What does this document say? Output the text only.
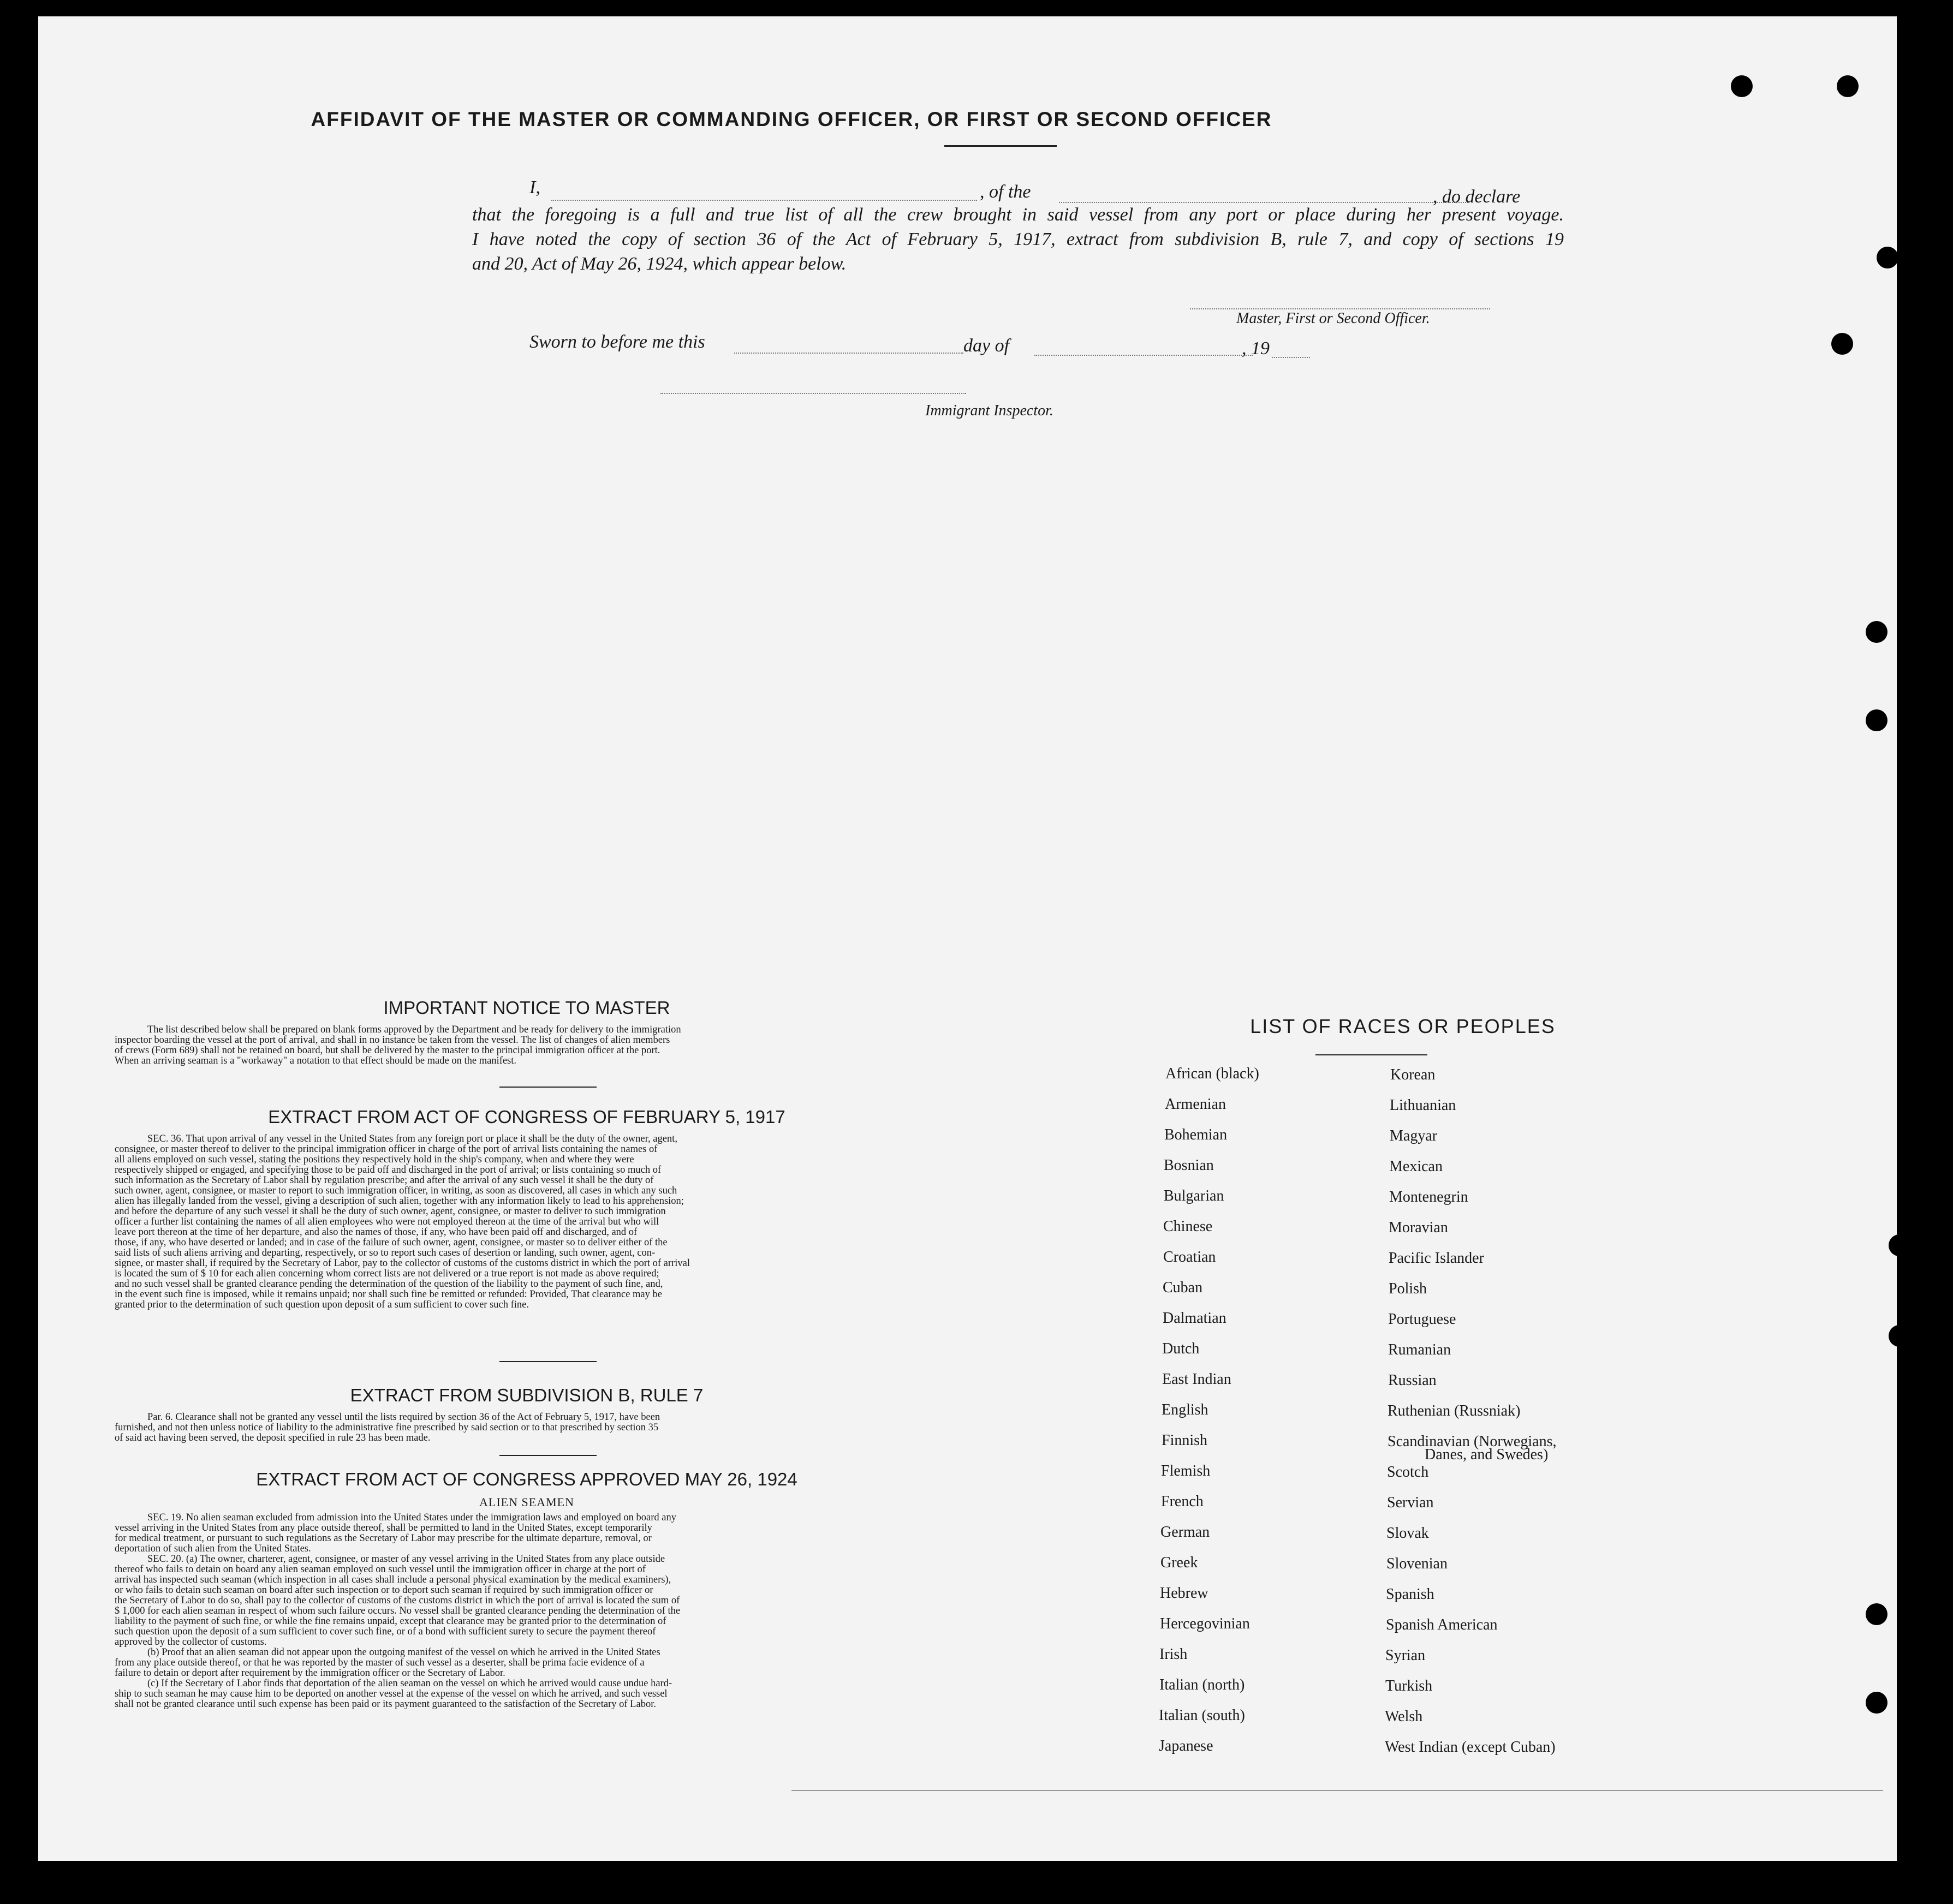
AFFIDAVIT OF THE MASTER OR COMMANDING OFFICER, OR FIRST OR SECOND OFFICER
I,	, of the	, do declare
that the foregoing is a full and true list of all the crew brought in said vessel from any port or place during her present voyage.
I have noted the copy of section 36 of the Act of February 5, 1917, extract from subdivision B, rule 7, and copy of sections 19
and 20, Act of May 26, 1924, which appear below.
Master, First or Second Officer.
Sworn to before me this	day of	, 19
Immigrant Inspector.
IMPORTANT NOTICE TO MASTER
The list described below shall be prepared on blank forms approved by the Department and be ready for delivery to the immigration
inspector boarding the vessel at the port of arrival, and shall in no instance be taken from the vessel. The list of changes of alien members
of crews (Form 689) shall not be retained on board, but shall be delivered by the master to the principal immigration officer at the port.
When an arriving seaman is a "workaway" a notation to that effect should be made on the manifest.
EXTRACT FROM ACT OF CONGRESS OF FEBRUARY 5, 1917
SEC. 36. That upon arrival of any vessel in the United States from any foreign port or place it shall be the duty of the owner, agent,
consignee, or master thereof to deliver to the principal immigration officer in charge of the port of arrival lists containing the names of
all aliens employed on such vessel, stating the positions they respectively hold in the ship's company, when and where they were
respectively shipped or engaged, and specifying those to be paid off and discharged in the port of arrival; or lists containing so much of
such information as the Secretary of Labor shall by regulation prescribe; and after the arrival of any such vessel it shall be the duty of
such owner, agent, consignee, or master to report to such immigration officer, in writing, as soon as discovered, all cases in which any such
alien has illegally landed from the vessel, giving a description of such alien, together with any information likely to lead to his apprehension;
and before the departure of any such vessel it shall be the duty of such owner, agent, consignee, or master to deliver to such immigration
officer a further list containing the names of all alien employees who were not employed thereon at the time of the arrival but who will
leave port thereon at the time of her departure, and also the names of those, if any, who have been paid off and discharged, and of
those, if any, who have deserted or landed; and in case of the failure of such owner, agent, consignee, or master so to deliver either of the
said lists of such aliens arriving and departing, respectively, or so to report such cases of desertion or landing, such owner, agent, con-
signee, or master shall, if required by the Secretary of Labor, pay to the collector of customs of the customs district in which the port of arrival
is located the sum of $ 10 for each alien concerning whom correct lists are not delivered or a true report is not made as above required;
and no such vessel shall be granted clearance pending the determination of the question of the liability to the payment of such fine, and,
in the event such fine is imposed, while it remains unpaid; nor shall such fine be remitted or refunded: Provided, That clearance may be
granted prior to the determination of such question upon deposit of a sum sufficient to cover such fine.
EXTRACT FROM SUBDIVISION B, RULE 7
Par. 6. Clearance shall not be granted any vessel until the lists required by section 36 of the Act of February 5, 1917, have been
furnished, and not then unless notice of liability to the administrative fine prescribed by said section or to that prescribed by section 35
of said act having been served, the deposit specified in rule 23 has been made.
EXTRACT FROM ACT OF CONGRESS APPROVED MAY 26, 1924
ALIEN SEAMEN
SEC. 19. No alien seaman excluded from admission into the United States under the immigration laws and employed on board any
vessel arriving in the United States from any place outside thereof, shall be permitted to land in the United States, except temporarily
for medical treatment, or pursuant to such regulations as the Secretary of Labor may prescribe for the ultimate departure, removal, or
deportation of such alien from the United States.
SEC. 20. (a) The owner, charterer, agent, consignee, or master of any vessel arriving in the United States from any place outside
thereof who fails to detain on board any alien seaman employed on such vessel until the immigration officer in charge at the port of
arrival has inspected such seaman (which inspection in all cases shall include a personal physical examination by the medical examiners),
or who fails to detain such seaman on board after such inspection or to deport such seaman if required by such immigration officer or
the Secretary of Labor to do so, shall pay to the collector of customs of the customs district in which the port of arrival is located the sum of
$ 1,000 for each alien seaman in respect of whom such failure occurs. No vessel shall be granted clearance pending the determination of the
liability to the payment of such fine, or while the fine remains unpaid, except that clearance may be granted prior to the determination of
such question upon the deposit of a sum sufficient to cover such fine, or of a bond with sufficient surety to secure the payment thereof
approved by the collector of customs.
(b) Proof that an alien seaman did not appear upon the outgoing manifest of the vessel on which he arrived in the United States
from any place outside thereof, or that he was reported by the master of such vessel as a deserter, shall be prima facie evidence of a
failure to detain or deport after requirement by the immigration officer or the Secretary of Labor.
(c) If the Secretary of Labor finds that deportation of the alien seaman on the vessel on which he arrived would cause undue hard-
ship to such seaman he may cause him to be deported on another vessel at the expense of the vessel on which he arrived, and such vessel
shall not be granted clearance until such expense has been paid or its payment guaranteed to the satisfaction of the Secretary of Labor.
LIST OF RACES OR PEOPLES
African (black)
Armenian
Bohemian
Bosnian
Bulgarian
Chinese
Croatian
Cuban
Dalmatian
Dutch
East Indian
English
Finnish
Flemish
French
German
Greek
Hebrew
Hercegovinian
Irish
Italian (north)
Italian (south)
Japanese
Korean
Lithuanian
Magyar
Mexican
Montenegrin
Moravian
Pacific Islander
Polish
Portuguese
Rumanian
Russian
Ruthenian (Russniak)
Scandinavian (Norwegians,
Danes, and Swedes)
Scotch
Servian
Slovak
Slovenian
Spanish
Spanish American
Syrian
Turkish
Welsh
West Indian (except Cuban)
